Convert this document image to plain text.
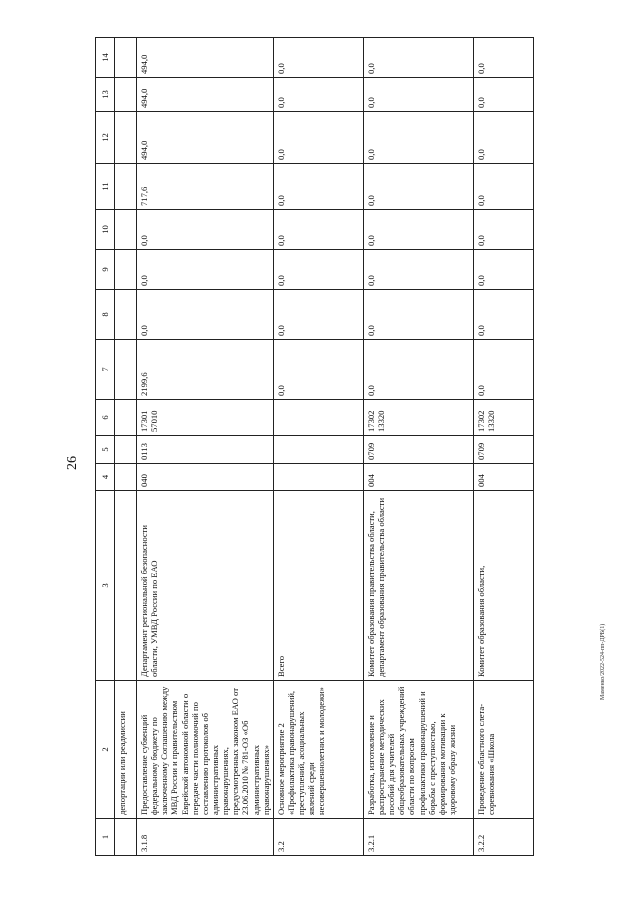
26
Маменко/2022-524-пп-ДРБ(1)
1	2	3	4	5	6	7	8	9	10	11	12	13	14
	депортации или реадмиссии												
3.1.8	Предоставление субвенций федеральному бюджету по заключенному Соглашению между МВД России и правительством Еврейской автономной области о передаче части полномочий по составлению протоколов об административных правонарушениях, предусмотренных законом ЕАО от 23.06.2010 № 781-ОЗ «Об административных правонарушениях»	Департамент региональной безопасности области, УМВД России по ЕАО	040	0113	17301 57010	2199,6	0,0	0,0	0,0	717,6	494,0	494,0	494,0
3.2	Основное мероприятие 2 «Профилактика правонарушений, преступлений, асоциальных явлений среди несовершеннолетних и молодежи»	Всего				0,0	0,0	0,0	0,0	0,0	0,0	0,0	0,0
3.2.1	Разработка, изготовление и распространение методических пособий для учителей общеобразовательных учреждений области по вопросам профилактики правонарушений и борьбы с преступностью, формирования мотивации к здоровому образу жизни	Комитет образования правительства области, департамент образования правительства области	004	0709	17302 13320	0,0	0,0	0,0	0,0	0,0	0,0	0,0	0,0
3.2.2	Проведение областного слета-соревнования «Школа	Комитет образования области,	004	0709	17302 13320	0,0	0,0	0,0	0,0	0,0	0,0	0,0	0,0
